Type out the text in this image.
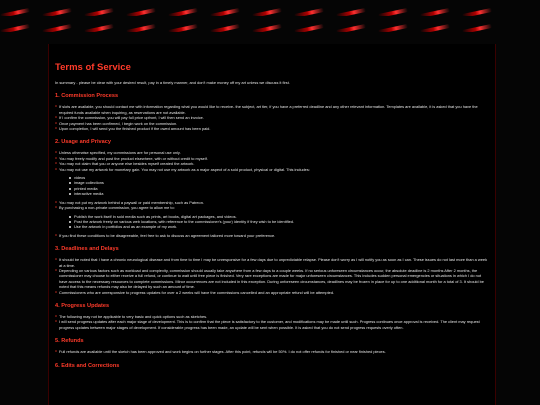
Terms of Service

In summary - please be clear with your desired result, pay in a timely manner, and don't make money off my art unless we discuss it first.

1. Commission Process

o If slots are available, you should contact me with information regarding what you would like to receive- the subject, art tier, if you have a preferred deadline and any other relevant information. Templates are available, it is asked that you have the required funds available when inquiring, as reservations are not available.

o If I confirm the commission, you will pay full price upfront, I will then send an invoice.

o Once payment has been confirmed, I begin work on the commission.

o Upon completion, I will send you the finished product if the owed amount has been paid.

2. Usage and Privacy

o Unless otherwise specified, my commissions are for personal use only.

o You may freely modify and post the product elsewhere, with or without credit to myself.

o You may not claim that you or anyone else besides myself created the artwork.

o You may not use my artwork for monetary gain. You may not use my artwork as a major aspect of a sold product, physical or digital. This includes:

videos
image collections
printed media
interactive media

o You may not put my artwork behind a paywall or paid membership, such as Patreon.

o By purchasing a non-private commission, you agree to allow me to:

Publish the work itself in sold media such as prints, art books, digital art packages, and videos.
Post the artwork freely on various web locations, with reference to the commissioner's (your) identity if they wish to be identified.
Use the artwork in portfolios and as an example of my work.

o If you find these conditions to be disagreeable, feel free to ask to discuss an agreement tailored more toward your preference.

3. Deadlines and Delays

o It should be noted that I have a chronic neurological disease and from time to time I may be unresponsive for a few days due to unpredictable relapse. Please don't worry as I will notify you as soon as I can. These issues do not last more than a week at a time.

o Depending on various factors such as workload and complexity, commission should usually take anywhere from a few days to a couple weeks. If no serious unforeseen circumstances occur, the absolute deadline is 2 months After 2 months, the commissioner may choose to either receive a full refund, or continue to wait until free piece is finished. Very rare exceptions are made for major unforeseen circumstances. This includes sudden personal emergencies or situations in which I do not have access to the necessary resources to complete commissions. Minor occurrences are not included in this exception. During unforeseen circumstances, deadlines may be frozen in place for up to one additional month for a total of 3. It should be noted that this means refunds may also be delayed by such an amount of time.

o Commissioners who are unresponsive to progress updates for over a 2 weeks will have the commissions cancelled and an appropriate refund will be attempted.

4. Progress Updates

o The following may not be applicable to very basic and quick options such as sketches.

o I will send progress updates after each major stage of development. This is to confirm that the piece is satisfactory to the customer, and modifications may be made until such. Progress continues once approval is received. The client may request progress updates between major stages of development. If considerable progress has been made, an update will be sent when possible. It is asked that you do not send progress requests overly often.

5. Refunds

o Full refunds are available until the sketch has been approved and work begins on further stages. After this point, refunds will be 50%. I do not offer refunds for finished or near finished pieces.

6. Edits and Corrections
